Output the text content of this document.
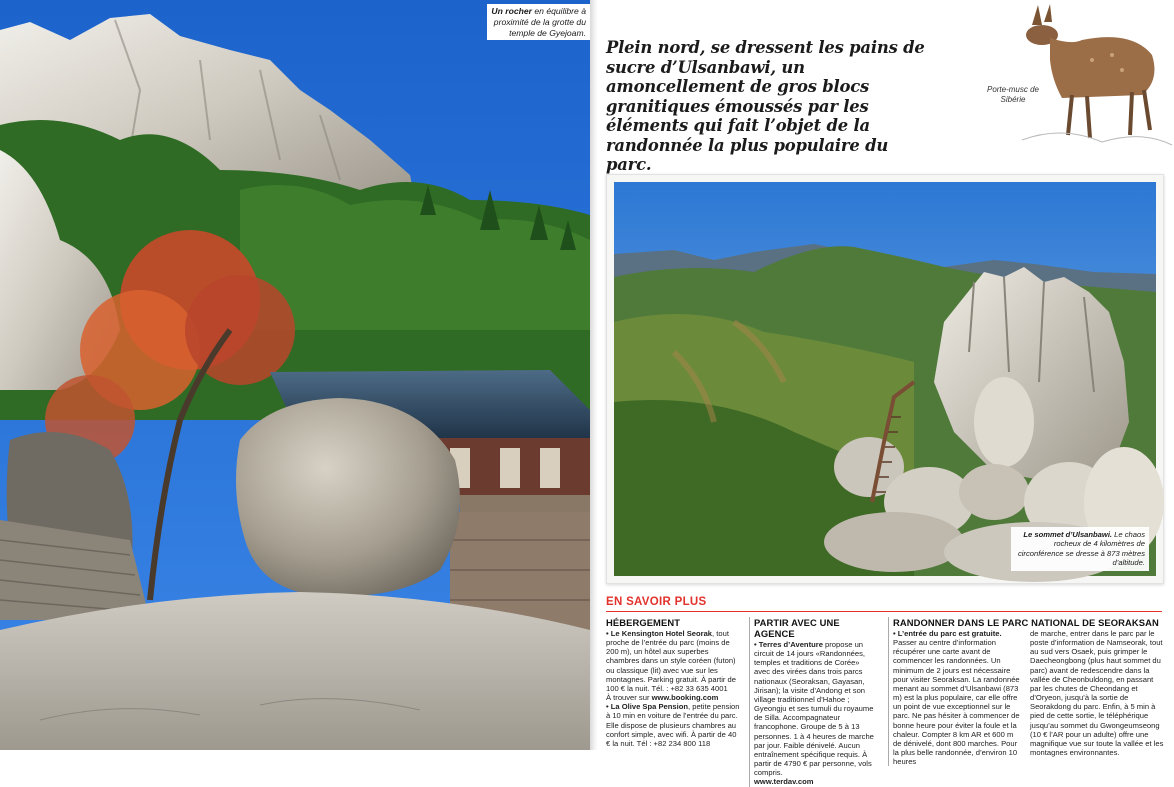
Un rocher en équilibre à proximité de la grotte du temple de Gyejoam.
Plein nord, se dressent les pains de sucre d’Ulsanbawi, un amoncellement de gros blocs granitiques émoussés par les éléments qui fait l’objet de la randonnée la plus populaire du parc.
Porte-musc de Sibérie
Le sommet d’Ulsanbawi. Le chaos rocheux de 4 kilomètres de circonférence se dresse à 873 mètres d’altitude.
EN SAVOIR PLUS
HÉBERGEMENT

• Le Kensington Hotel Seorak, tout proche de l’entrée du parc (moins de 200 m), un hôtel aux superbes chambres dans un style coréen (futon) ou classique (lit) avec vue sur les montagnes. Parking gratuit. À partir de 100 € la nuit. Tél. : +82 33 635 4001
À trouver sur www.booking.com

• La Olive Spa Pension, petite pension à 10 min en voiture de l’entrée du parc. Elle dispose de plusieurs chambres au confort simple, avec wifi. À partir de 40 € la nuit. Tél : +82 234 800 118

PARTIR AVEC UNE AGENCE

• Terres d’Aventure propose un circuit de 14 jours «Randonnées, temples et traditions de Corée» avec des virées dans trois parcs nationaux (Seoraksan, Gayasan, Jirisan); la visite d’Andong et son village traditionnel d’Hahoe ; Gyeongju et ses tumuli du royaume de Silla. Accompagnateur francophone. Groupe de 5 à 13 personnes. 1 à 4 heures de marche par jour. Faible dénivelé. Aucun entraînement spécifique requis. À partir de 4790 € par personne, vols compris.
www.terdav.com

RANDONNER DANS LE PARC NATIONAL DE SEORAKSAN

• L’entrée du parc est gratuite. Passer au centre d’information récupérer une carte avant de commencer les randonnées. Un minimum de 2 jours est nécessaire pour visiter Seoraksan. La randonnée menant au sommet d’Ulsanbawi (873 m) est la plus populaire, car elle offre un point de vue exceptionnel sur le parc. Ne pas hésiter à commencer de bonne heure pour éviter la foule et la chaleur. Compter 8 km AR et 600 m de dénivelé, dont 800 marches. Pour la plus belle randonnée, d’environ 10 heures

de marche, entrer dans le parc par le poste d’information de Namseorak, tout au sud vers Osaek, puis grimper le Daecheongbong (plus haut sommet du parc) avant de redescendre dans la vallée de Cheonbuldong, en passant par les chutes de Cheondang et d’Oryeon, jusqu’à la sortie de Seorakdong du parc. Enfin, à 5 min à pied de cette sortie, le téléphérique jusqu’au sommet du Gwongeumseong (10 € l’AR pour un adulte) offre une magnifique vue sur toute la vallée et les montagnes environnantes.
